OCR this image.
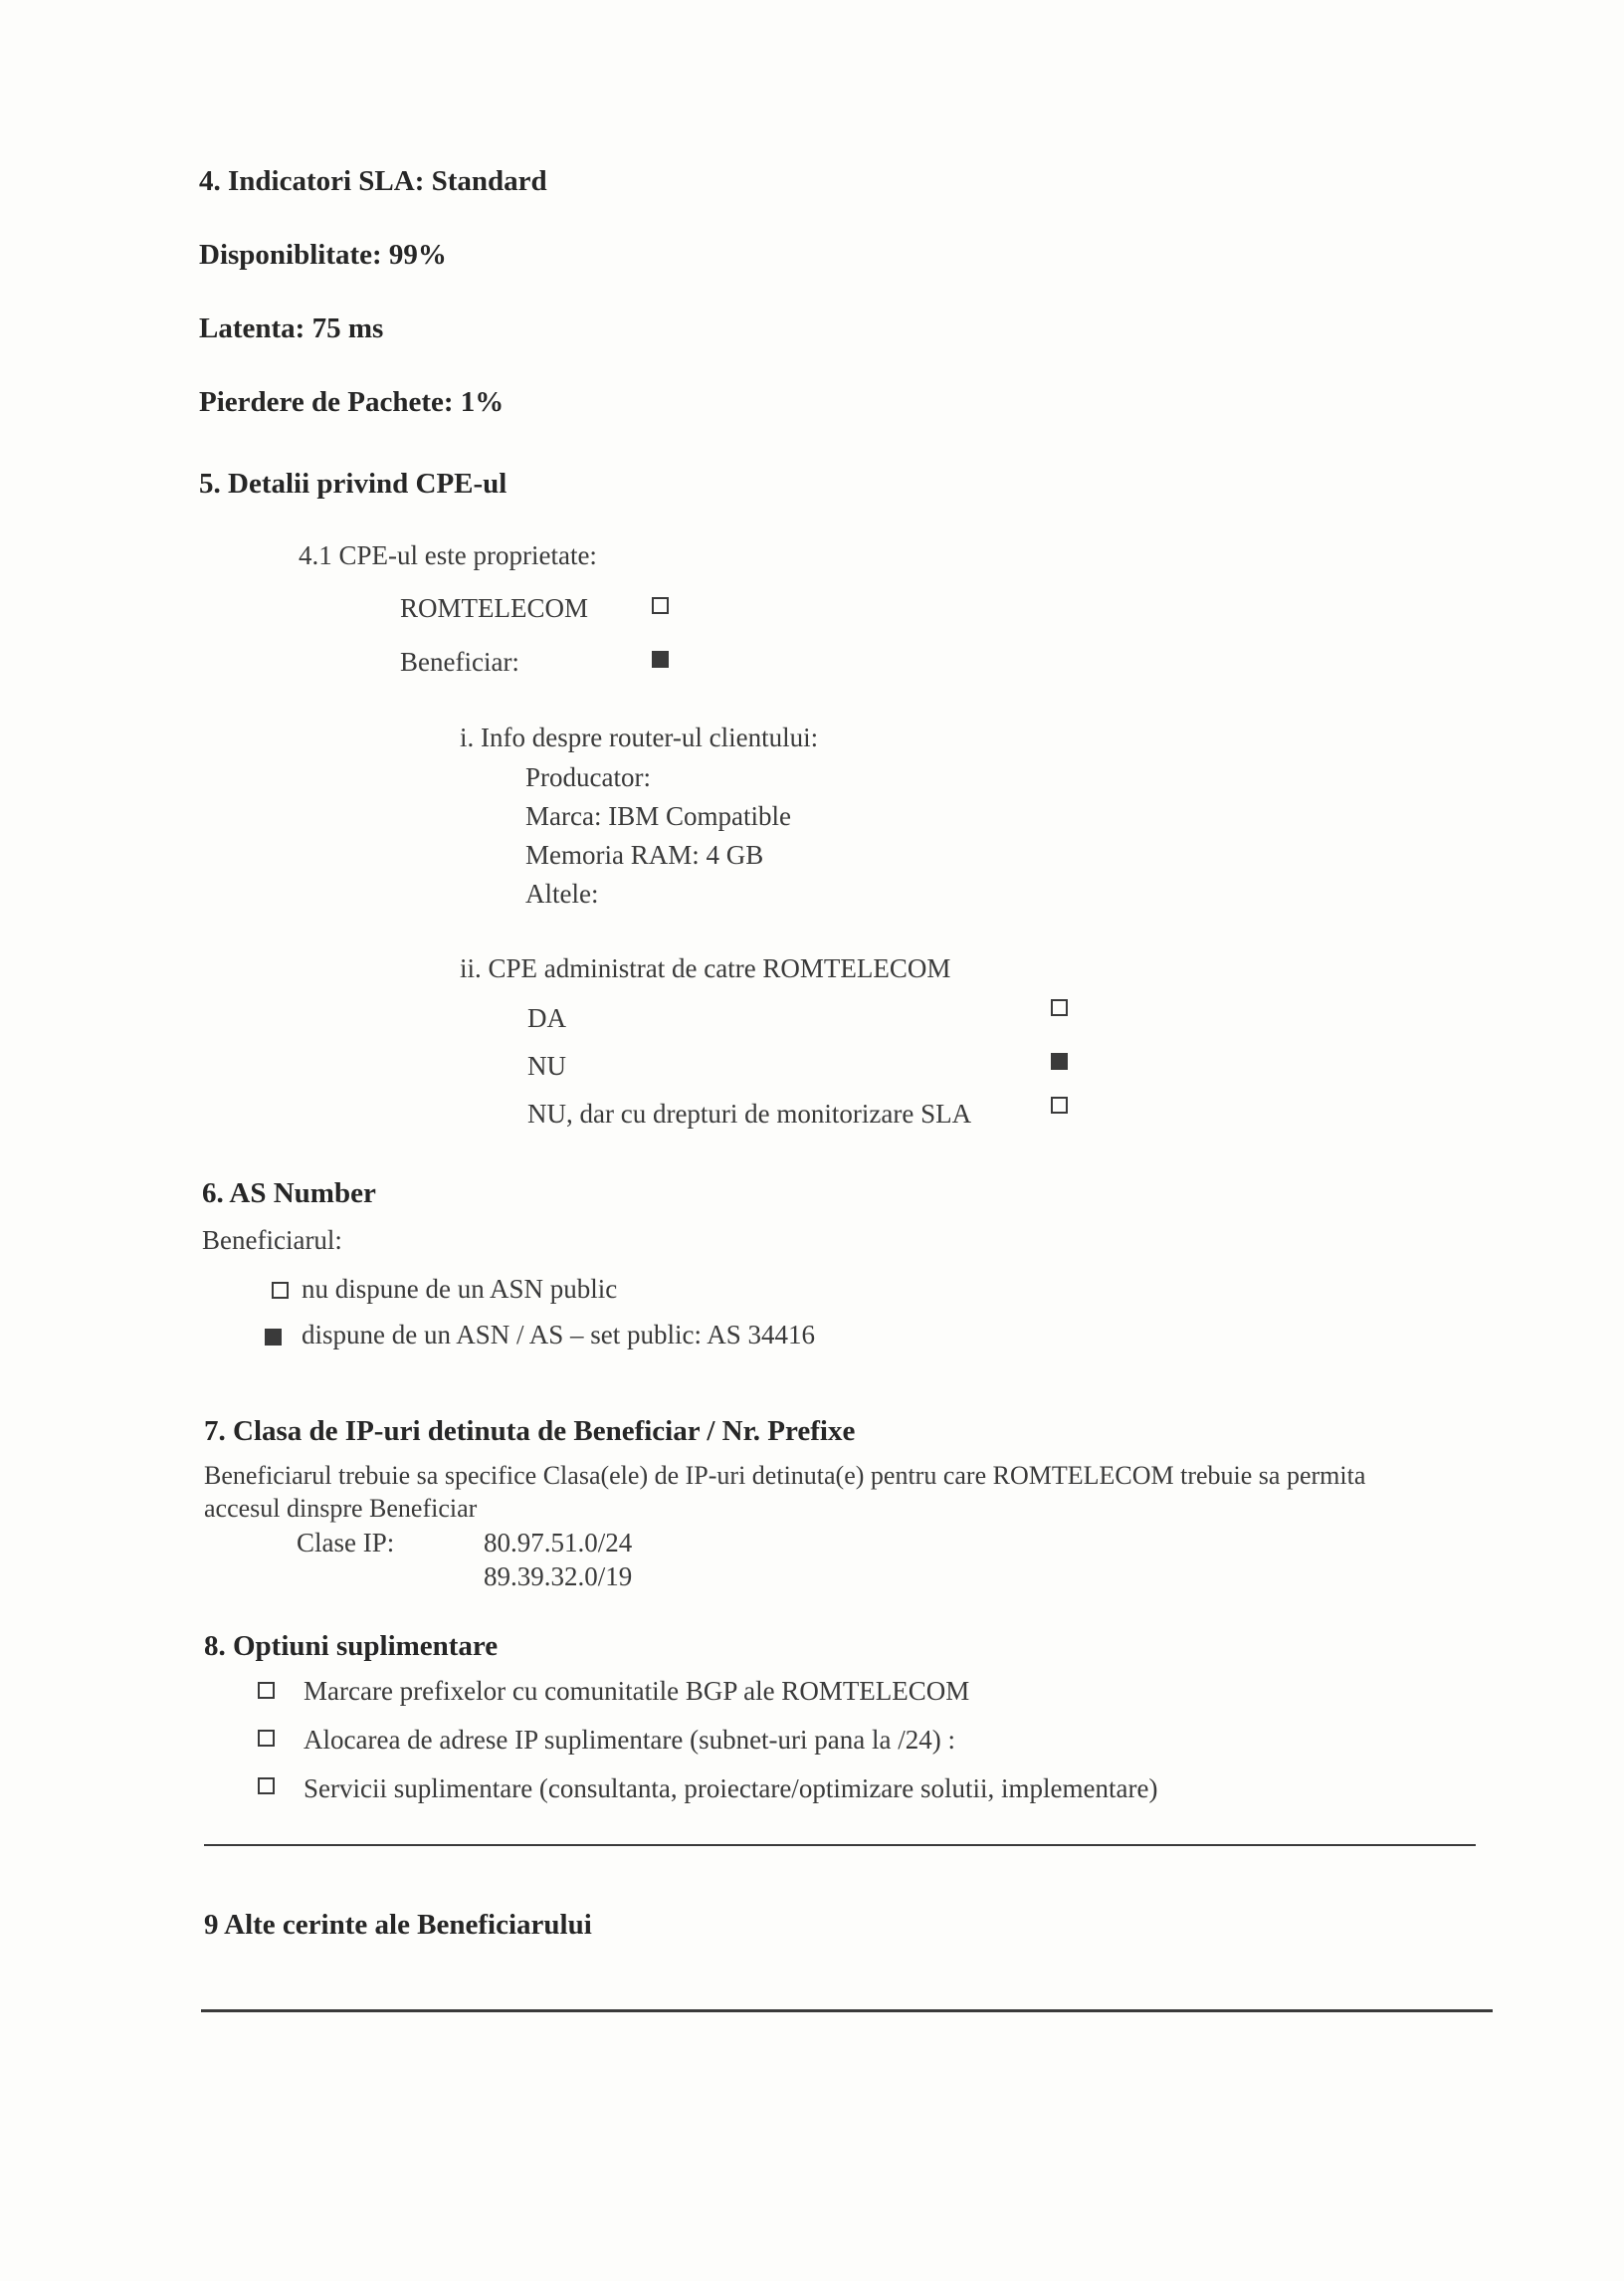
4. Indicatori SLA: Standard
Disponiblitate: 99%
Latenta: 75 ms
Pierdere de Pachete: 1%
5. Detalii privind CPE-ul
4.1 CPE-ul este proprietate:
ROMTELECOM
Beneficiar:
i. Info despre router-ul clientului:
Producator:
Marca: IBM Compatible
Memoria RAM: 4 GB
Altele:
ii. CPE administrat de catre ROMTELECOM
DA
NU
NU, dar cu drepturi de monitorizare SLA
6. AS Number
Beneficiarul:
nu dispune de un ASN public
dispune de un ASN / AS – set public: AS 34416
7. Clasa de IP-uri detinuta de Beneficiar / Nr. Prefixe
Beneficiarul trebuie sa specifice Clasa(ele) de IP-uri detinuta(e) pentru care ROMTELECOM trebuie sa permita
accesul dinspre Beneficiar
Clase IP:	80.97.51.0/24
89.39.32.0/19
8. Optiuni suplimentare
Marcare prefixelor cu comunitatile BGP ale ROMTELECOM
Alocarea de adrese IP suplimentare (subnet-uri pana la /24) :
Servicii suplimentare (consultanta, proiectare/optimizare solutii, implementare)
9 Alte cerinte ale Beneficiarului
